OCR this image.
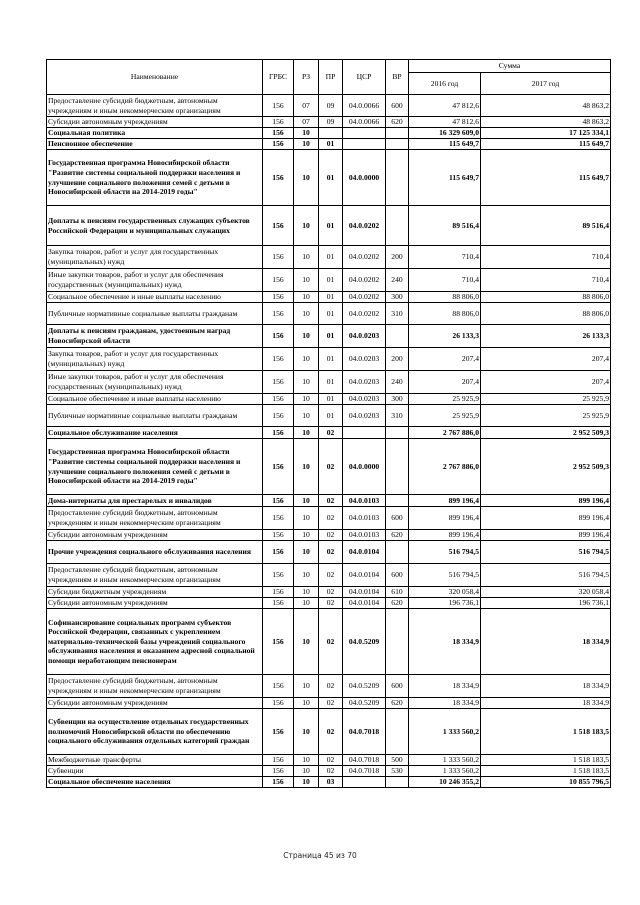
Наименование	ГРБС	РЗ	ПР	ЦСР	ВР	Сумма	
						2016 год	2017 год
Предоставление субсидий бюджетным, автономным учреждениям и иным некоммерческим организациям	156	07	09	04.0.0066	600	47 812,6	48 863,2
Субсидии автономным учреждениям	156	07	09	04.0.0066	620	47 812,6	48 863,2
Социальная политика	156	10				16 329 609,0	17 125 334,1
Пенсионное обеспечение	156	10	01			115 649,7	115 649,7
Государственная программа Новосибирской области "Развитие системы социальной поддержки населения и улучшение социального положения семей с детьми в Новосибирской области на 2014-2019 годы"	156	10	01	04.0.0000		115 649,7	115 649,7
Доплаты к пенсиям государственных служащих субъектов Российской Федерации и муниципальных служащих	156	10	01	04.0.0202		89 516,4	89 516,4
Закупка товаров, работ и услуг для государственных (муниципальных) нужд	156	10	01	04.0.0202	200	710,4	710,4
Иные закупки товаров, работ и услуг для обеспечения государственных (муниципальных) нужд	156	10	01	04.0.0202	240	710,4	710,4
Социальное обеспечение и иные выплаты населению	156	10	01	04.0.0202	300	88 806,0	88 806,0
Публичные нормативные социальные выплаты гражданам	156	10	01	04.0.0202	310	88 806,0	88 806,0
Доплаты к пенсиям гражданам, удостоенным наград Новосибирской области	156	10	01	04.0.0203		26 133,3	26 133,3
Закупка товаров, работ и услуг для государственных (муниципальных) нужд	156	10	01	04.0.0203	200	207,4	207,4
Иные закупки товаров, работ и услуг для обеспечения государственных (муниципальных) нужд	156	10	01	04.0.0203	240	207,4	207,4
Социальное обеспечение и иные выплаты населению	156	10	01	04.0.0203	300	25 925,9	25 925,9
Публичные нормативные социальные выплаты гражданам	156	10	01	04.0.0203	310	25 925,9	25 925,9
Социальное обслуживание населения	156	10	02			2 767 886,0	2 952 509,3
Государственная программа Новосибирской области "Развитие системы социальной поддержки населения и улучшение социального положения семей с детьми в Новосибирской области на 2014-2019 годы"	156	10	02	04.0.0000		2 767 886,0	2 952 509,3
Дома-интернаты для престарелых и инвалидов	156	10	02	04.0.0103		899 196,4	899 196,4
Предоставление субсидий бюджетным, автономным учреждениям и иным некоммерческим организациям	156	10	02	04.0.0103	600	899 196,4	899 196,4
Субсидии автономным учреждениям	156	10	02	04.0.0103	620	899 196,4	899 196,4
Прочие учреждения социального обслуживания населения	156	10	02	04.0.0104		516 794,5	516 794,5
Предоставление субсидий бюджетным, автономным учреждениям и иным некоммерческим организациям	156	10	02	04.0.0104	600	516 794,5	516 794,5
Субсидии бюджетным учреждениям	156	10	02	04.0.0104	610	320 058,4	320 058,4
Субсидии автономным учреждениям	156	10	02	04.0.0104	620	196 736,1	196 736,1
Софинансирование социальных программ субъектов Российской Федерации, связанных с укреплением материально-технической базы учреждений социального обслуживания населения и оказанием адресной социальной помощи неработающим пенсионерам	156	10	02	04.0.5209		18 334,9	18 334,9
Предоставление субсидий бюджетным, автономным учреждениям и иным некоммерческим организациям	156	10	02	04.0.5209	600	18 334,9	18 334,9
Субсидии автономным учреждениям	156	10	02	04.0.5209	620	18 334,9	18 334,9
Субвенции на осуществление отдельных государственных полномочий Новосибирской области по обеспечению социального обслуживания отдельных категорий граждан	156	10	02	04.0.7018		1 333 560,2	1 518 183,5
Межбюджетные трансферты	156	10	02	04.0.7018	500	1 333 560,2	1 518 183,5
Субвенции	156	10	02	04.0.7018	530	1 333 560,2	1 518 183,5
Социальное обеспечение населения	156	10	03			10 246 355,2	10 855 796,5
Страница 45 из 70
